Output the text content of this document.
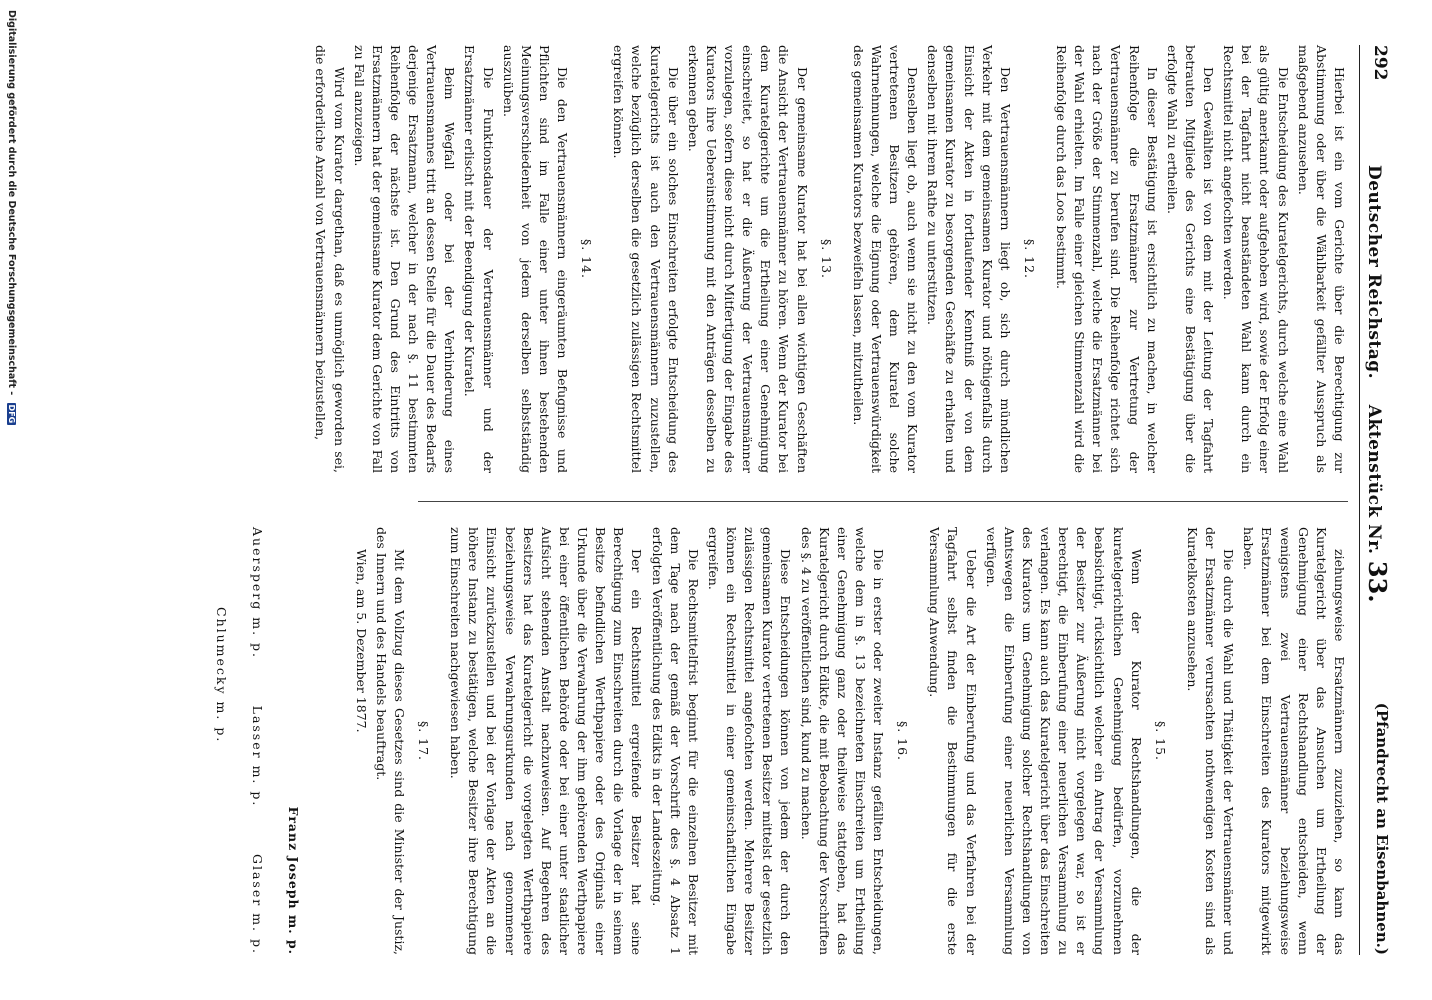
292
Deutscher Reichstag.    Aktenstück Nr. 33.
(Pfandrecht an Eisenbahnen.)

Hierbei ist ein vom Gerichte über die Berechtigung zur Abstimmung oder über die Wählbarkeit gefällter Ausspruch als maßgebend anzusehen.

Die Entscheidung des Kuratelgerichts, durch welche eine Wahl als gültig anerkannt oder aufgehoben wird, sowie der Erfolg einer bei der Tagfahrt nicht beanständeten Wahl kann durch ein Rechtsmittel nicht angefochten werden.

Den Gewählten ist von dem mit der Leitung der Tagfahrt betrauten Mitgliede des Gerichts eine Bestätigung über die erfolgte Wahl zu ertheilen.

In dieser Bestätigung ist ersichtlich zu machen, in welcher Reihenfolge die Ersatzmänner zur Vertretung der Vertrauensmänner zu berufen sind. Die Reihenfolge richtet sich nach der Größe der Stimmenzahl, welche die Ersatzmänner bei der Wahl erhielten. Im Falle einer gleichen Stimmenzahl wird die Reihenfolge durch das Loos bestimmt.

§. 12.

Den Vertrauensmännern liegt ob, sich durch mündlichen Verkehr mit dem gemeinsamen Kurator und nöthigenfalls durch Einsicht der Akten in fortlaufender Kenntniß der von dem gemeinsamen Kurator zu besorgenden Geschäfte zu erhalten und denselben mit ihrem Rathe zu unterstützen.

Denselben liegt ob, auch wenn sie nicht zu den vom Kurator vertretenen Besitzern gehören, dem Kuratel solche Wahrnehmungen, welche die Eignung oder Vertrauenswürdigkeit des gemeinsamen Kurators bezweifeln lassen, mitzutheilen.

§. 13.

Der gemeinsame Kurator hat bei allen wichtigen Geschäften die Ansicht der Vertrauensmänner zu hören. Wenn der Kurator bei dem Kuratelgerichte um die Ertheilung einer Genehmigung einschreitet, so hat er die Äußerung der Vertrauensmänner vorzulegen, sofern diese nicht durch Mitfertigung der Eingabe des Kurators ihre Uebereinstimmung mit den Anträgen desselben zu erkennen geben.

Die über ein solches Einschreiten erfolgte Entscheidung des Kuratelgerichts ist auch den Vertrauensmännern zuzustellen, welche bezüglich derselben die gesetzlich zulässigen Rechtsmittel ergreifen können.

§. 14.

Die den Vertrauensmännern eingeräumten Befugnisse und Pflichten sind im Falle einer unter ihnen bestehenden Meinungsverschiedenheit von jedem derselben selbstständig auszuüben.

Die Funktionsdauer der Vertrauensmänner und der Ersatzmänner erlischt mit der Beendigung der Kuratel.

Beim Wegfall oder bei der Verhinderung eines Vertrauensmannes tritt an dessen Stelle für die Dauer des Bedarfs derjenige Ersatzmann, welcher in der nach §. 11 bestimmten Reihenfolge der nächste ist. Den Grund des Eintritts von Ersatzmännern hat der gemeinsame Kurator dem Gerichte von Fall zu Fall anzuzeigen.

Wird vom Kurator dargethan, daß es unmöglich geworden sei, die erforderliche Anzahl von Vertrauensmännern beizustellen,

ziehungsweise Ersatzmännern zuzuziehen, so kann das Kuratelgericht über das Ansuchen um Ertheilung der Genehmigung einer Rechtshandlung entscheiden, wenn wenigstens zwei Vertrauensmänner beziehungsweise Ersatzmänner bei dem Einschreiten des Kurators mitgewirkt haben.

Die durch die Wahl und Thätigkeit der Vertrauensmänner und der Ersatzmänner verursachten nothwendigen Kosten sind als Kuratelkosten anzusehen.

§. 15.

Wenn der Kurator Rechtshandlungen, die der kuratelgerichtlichen Genehmigung bedürfen, vorzunehmen beabsichtigt, rücksichtlich welcher ein Antrag der Versammlung der Besitzer zur Äußerung nicht vorgelegen war, so ist er berechtigt, die Einberufung einer neuerlichen Versammlung zu verlangen. Es kann auch das Kuratelgericht über das Einschreiten des Kurators um Genehmigung solcher Rechtshandlungen von Amtswegen die Einberufung einer neuerlichen Versammlung verfügen.

Ueber die Art der Einberufung und das Verfahren bei der Tagfahrt selbst finden die Bestimmungen für die erste Versammlung Anwendung.

§. 16.

Die in erster oder zweiter Instanz gefällten Entscheidungen, welche dem in §. 13 bezeichneten Einschreiten um Ertheilung einer Genehmigung ganz oder theilweise stattgeben, hat das Kuratelgericht durch Edikte, die mit Beobachtung der Vorschriften des §. 4 zu veröffentlichen sind, kund zu machen.

Diese Entscheidungen können von jedem der durch den gemeinsamen Kurator vertretenen Besitzer mittelst der gesetzlich zulässigen Rechtsmittel angefochten werden. Mehrere Besitzer können ein Rechtsmittel in einer gemeinschaftlichen Eingabe ergreifen.

Die Rechtsmittelfrist beginnt für die einzelnen Besitzer mit dem Tage nach der gemäß der Vorschrift des §. 4 Absatz 1 erfolgten Veröffentlichung des Edikts in der Landeszeitung.

Der ein Rechtsmittel ergreifende Besitzer hat seine Berechtigung zum Einschreiten durch die Vorlage der in seinem Besitze befindlichen Werthpapiere oder des Originals einer Urkunde über die Verwahrung der ihm gehörenden Werthpapiere bei einer öffentlichen Behörde oder bei einer unter staatlicher Aufsicht stehenden Anstalt nachzuweisen. Auf Begehren des Besitzers hat das Kuratelgericht die vorgelegten Werthpapiere beziehungsweise Verwahrungsurkunden nach genommener Einsicht zurückzustellen und bei der Vorlage der Akten an die höhere Instanz zu bestätigen, welche Besitzer ihre Berechtigung zum Einschreiten nachgewiesen haben.

§. 17.

Mit dem Vollzug dieses Gesetzes sind die Minister der Justiz, des Innern und des Handels beauftragt.

Wien, am 5. Dezember 1877.

Franz Joseph m. p.
Auersperg m. p.
Lasser m. p.
Glaser m. p.
Chlumecky m. p.
Digitalisierung gefördert durch die Deutsche Forschungsgemeinschaft - DFG
